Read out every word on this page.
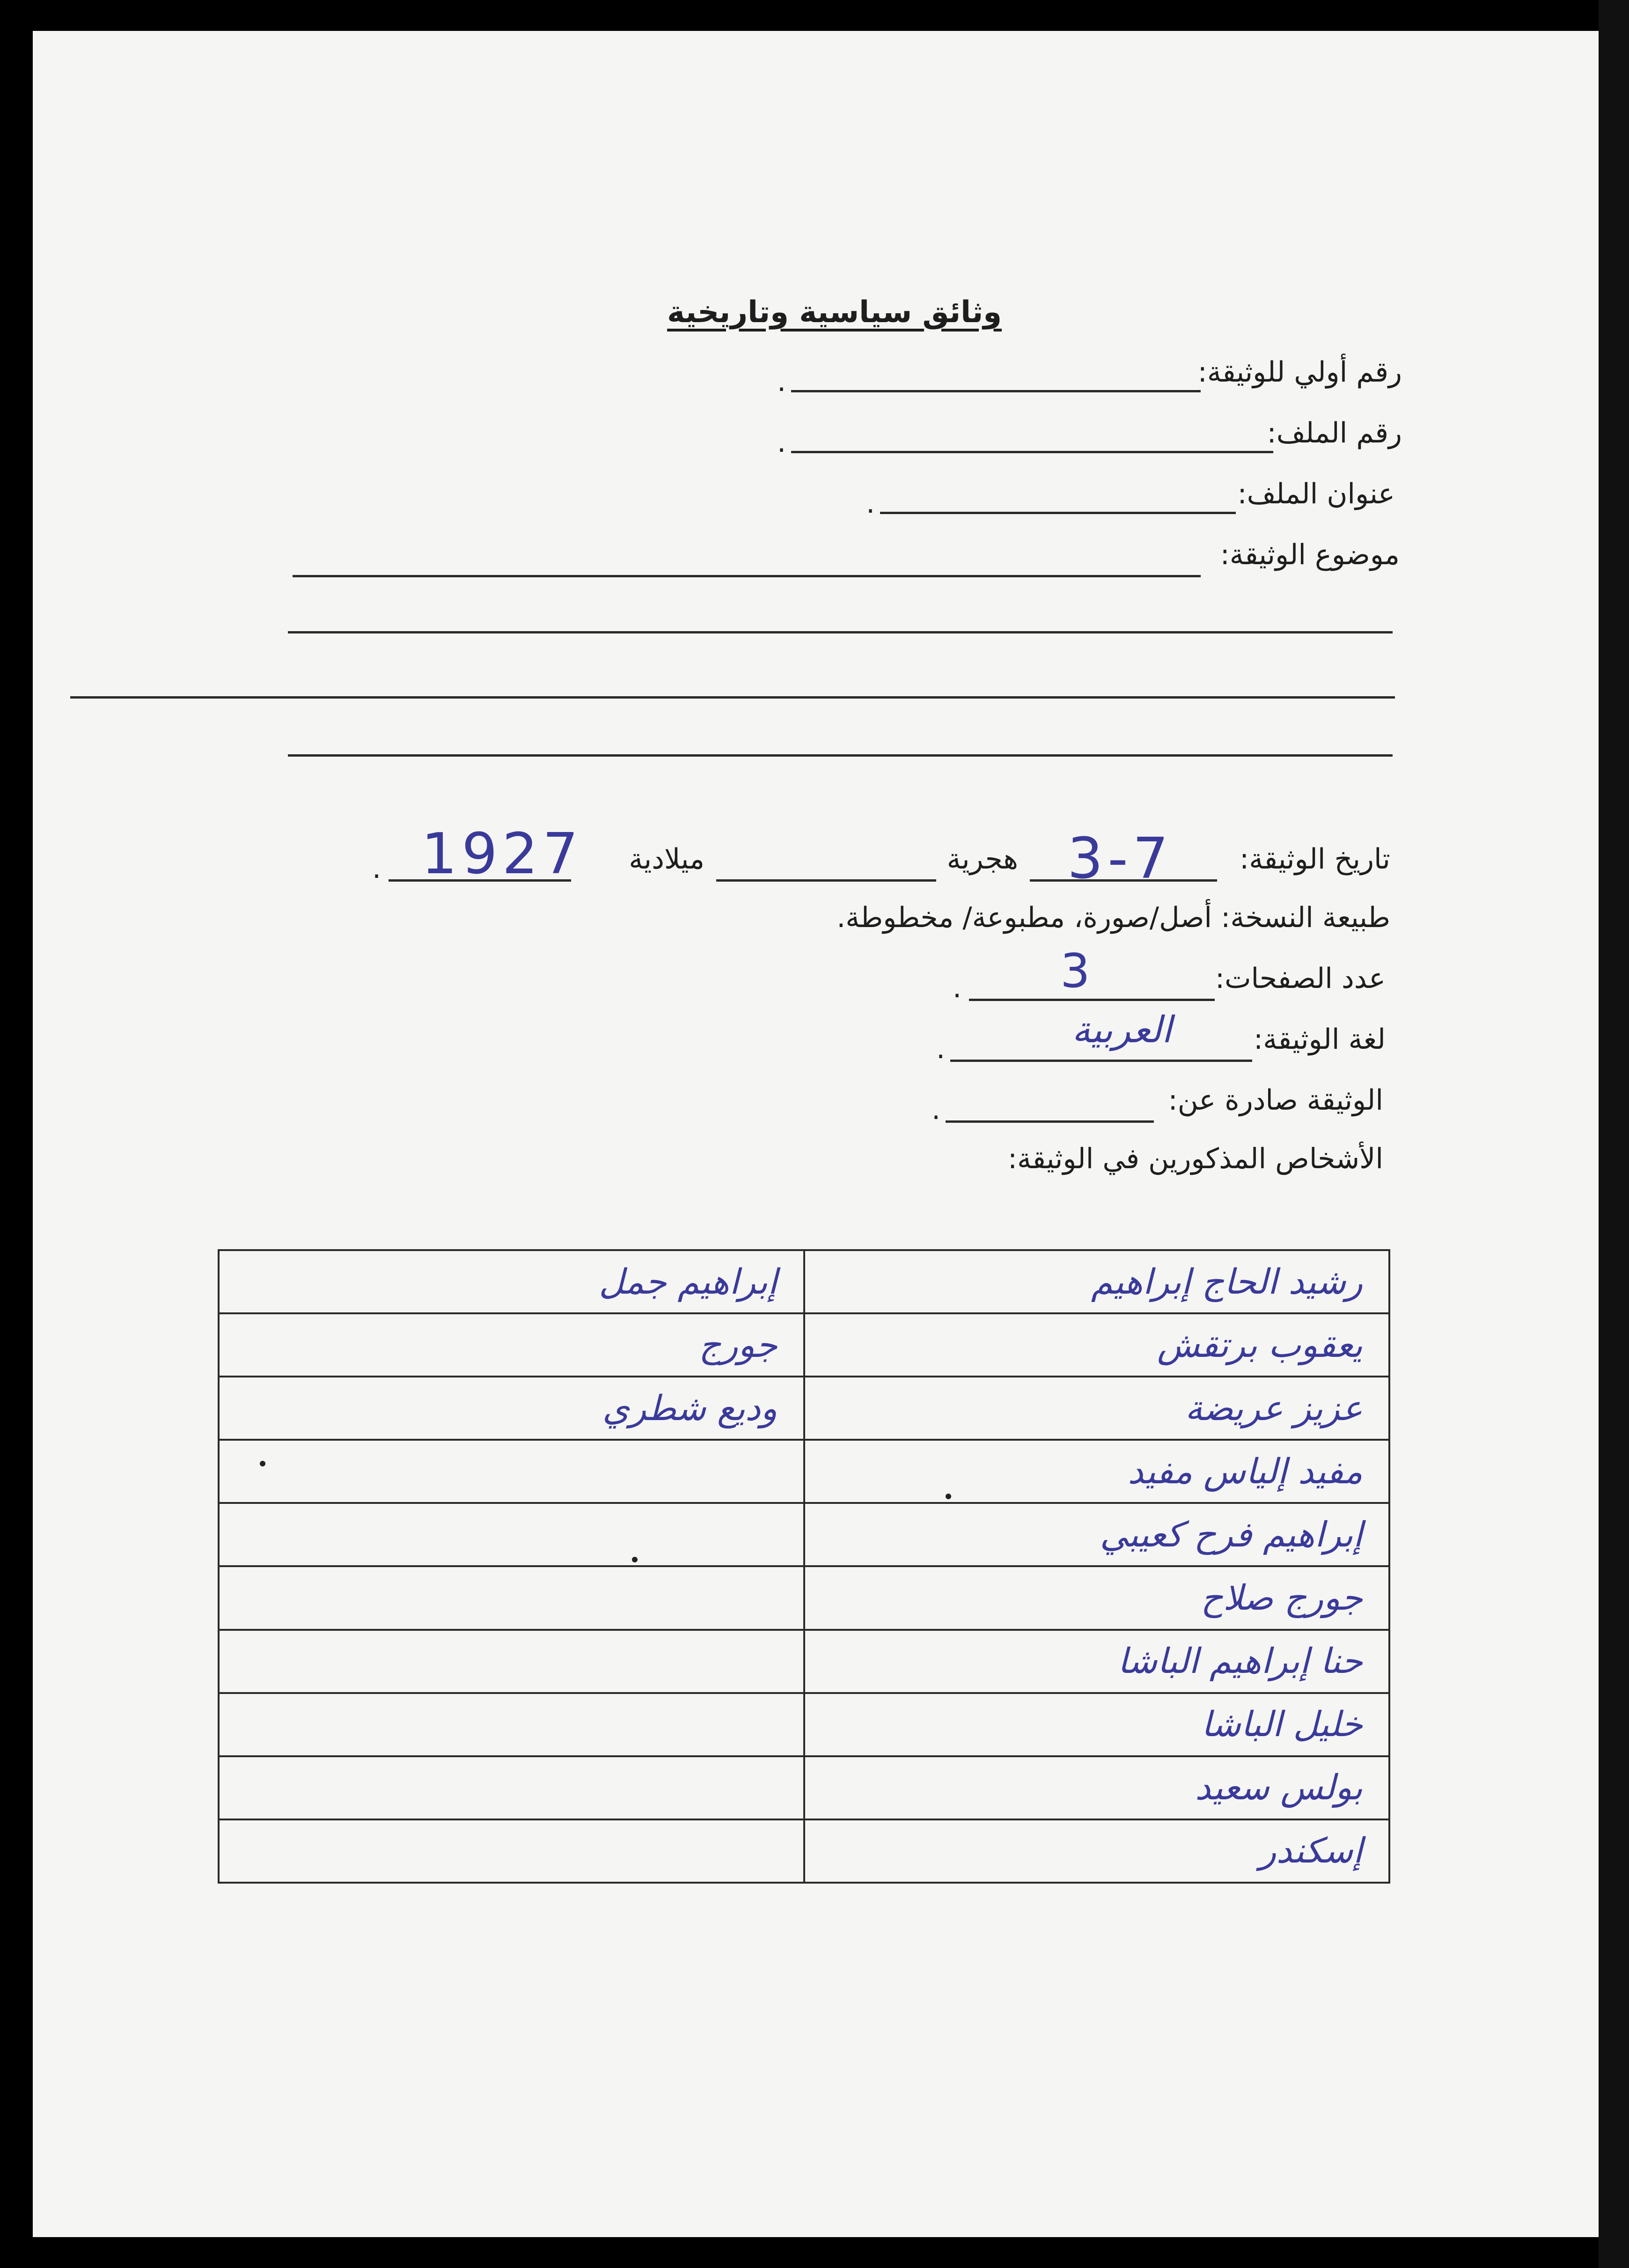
وثائق سياسية وتاريخية
رقم أولي للوثيقة:
.
رقم الملف:
.
عنوان الملف:
.
موضوع الوثيقة:
تاريخ الوثيقة:
3-7
هجرية
ميلادية
1927
.
طبيعة النسخة: أصل/صورة، مطبوعة/ مخطوطة.
عدد الصفحات:
3
.
لغة الوثيقة:
العربية
.
الوثيقة صادرة عن:
.
الأشخاص المذكورين في الوثيقة:
رشيد الحاج إبراهيم	إبراهيم جمل
يعقوب برتقش	جورج
عزيز عريضة	وديع شطري
مفيد إلياس مفيد	
إبراهيم فرح كعيبي	
جورج صلاح	
حنا إبراهيم الباشا	
خليل الباشا	
بولس سعيد	
إسكندر	
